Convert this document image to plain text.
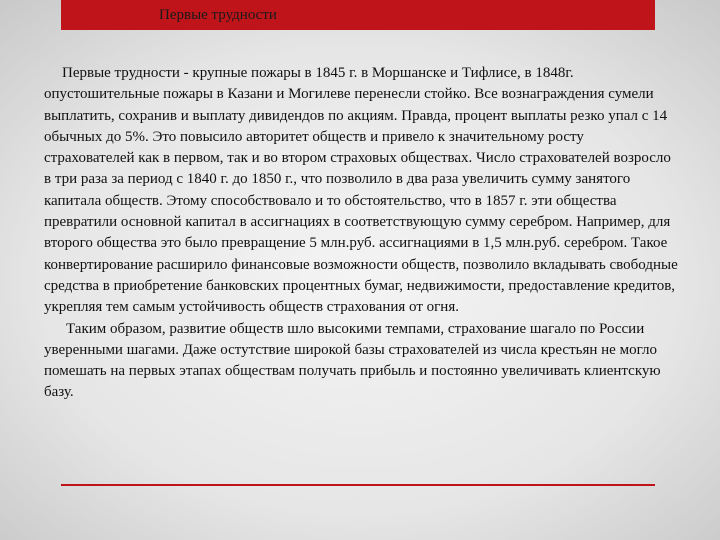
Первые трудности

Первые трудности - крупные пожары в 1845 г. в Моршанске и Тифлисе, в 1848г. опустошительные пожары в Казани и Могилеве перенесли стойко. Все вознаграждения сумели выплатить, сохранив и выплату дивидендов по акциям. Правда, процент выплаты резко упал с 14 обычных до 5%. Это повысило авторитет обществ и привело к значительному росту страхователей как в первом, так и во втором страховых обществах. Число страхователей возросло в три раза за период с 1840 г. до 1850 г., что позволило в два раза увеличить сумму занятого капитала обществ. Этому способствовало и то обстоятельство, что в 1857 г. эти общества превратили основной капитал в ассигнациях в соответствующую сумму серебром. Например, для второго общества это было превращение 5 млн.руб. ассигнациями в 1,5 млн.руб. серебром. Такое конвертирование расширило финансовые возможности обществ, позволило вкладывать свободные средства в приобретение банковских процентных бумаг, недвижимости, предоставление кредитов, укрепляя тем самым устойчивость обществ страхования от огня.

Таким образом, развитие обществ шло высокими темпами, страхование шагало по России уверенными шагами. Даже остутствие широкой базы страхователей из числа крестьян не могло помешать на первых этапах обществам получать прибыль и постоянно увеличивать клиентскую базу.
